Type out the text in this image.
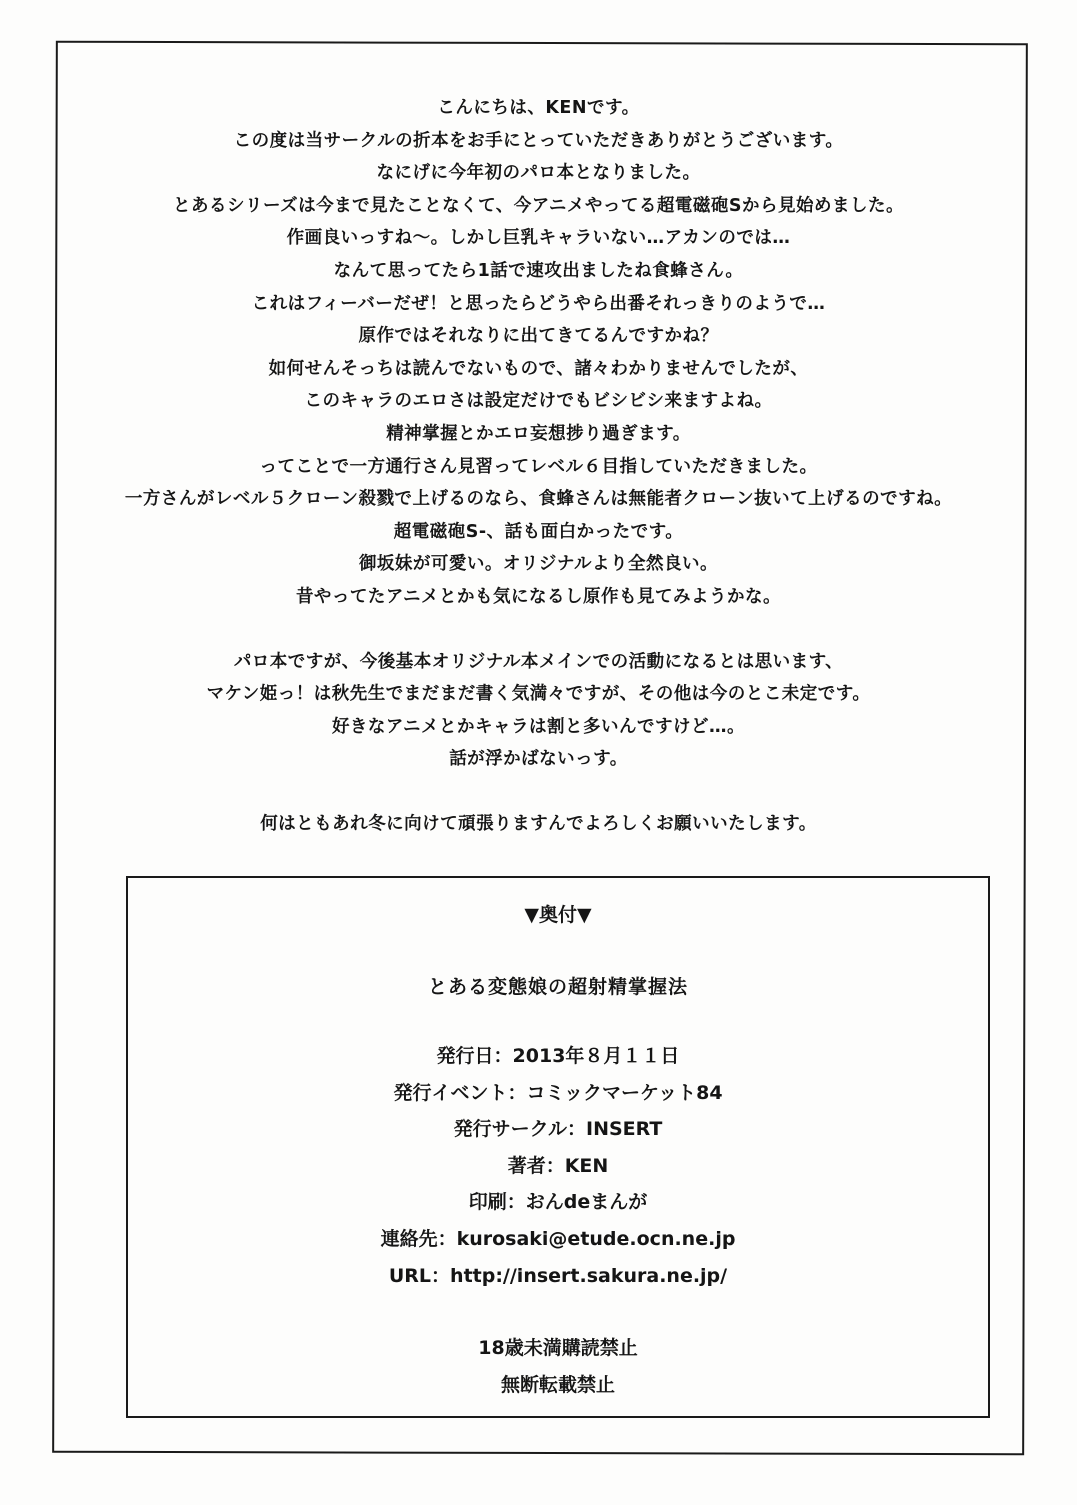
こんにちは、KENです。
この度は当サークルの折本をお手にとっていただきありがとうございます。
なにげに今年初のパロ本となりました。
とあるシリーズは今まで見たことなくて、今アニメやってる超電磁砲Sから見始めました。
作画良いっすね～。しかし巨乳キャラいない…アカンのでは…
なんて思ってたら1話で速攻出ましたね食蜂さん。
これはフィーバーだぜ！と思ったらどうやら出番それっきりのようで…
原作ではそれなりに出てきてるんですかね？
如何せんそっちは読んでないもので、諸々わかりませんでしたが、
このキャラのエロさは設定だけでもビシビシ来ますよね。
精神掌握とかエロ妄想捗り過ぎます。
ってことで一方通行さん見習ってレベル６目指していただきました。
一方さんがレベル５クローン殺戮で上げるのなら、食蜂さんは無能者クローン抜いて上げるのですね。
超電磁砲S-、話も面白かったです。
御坂妹が可愛い。オリジナルより全然良い。
昔やってたアニメとかも気になるし原作も見てみようかな。
パロ本ですが、今後基本オリジナル本メインでの活動になるとは思います、
マケン姫っ！は秋先生でまだまだ書く気満々ですが、その他は今のとこ未定です。
好きなアニメとかキャラは割と多いんですけど…。
話が浮かばないっす。
何はともあれ冬に向けて頑張りますんでよろしくお願いいたします。
▼奥付▼
とある変態娘の超射精掌握法
発行日：2013年８月１１日
発行イベント：コミックマーケット84
発行サークル：INSERT
著者：KEN
印刷：おんdeまんが
連絡先：kurosaki@etude.ocn.ne.jp
URL：http://insert.sakura.ne.jp/
18歳未満購読禁止
無断転載禁止
